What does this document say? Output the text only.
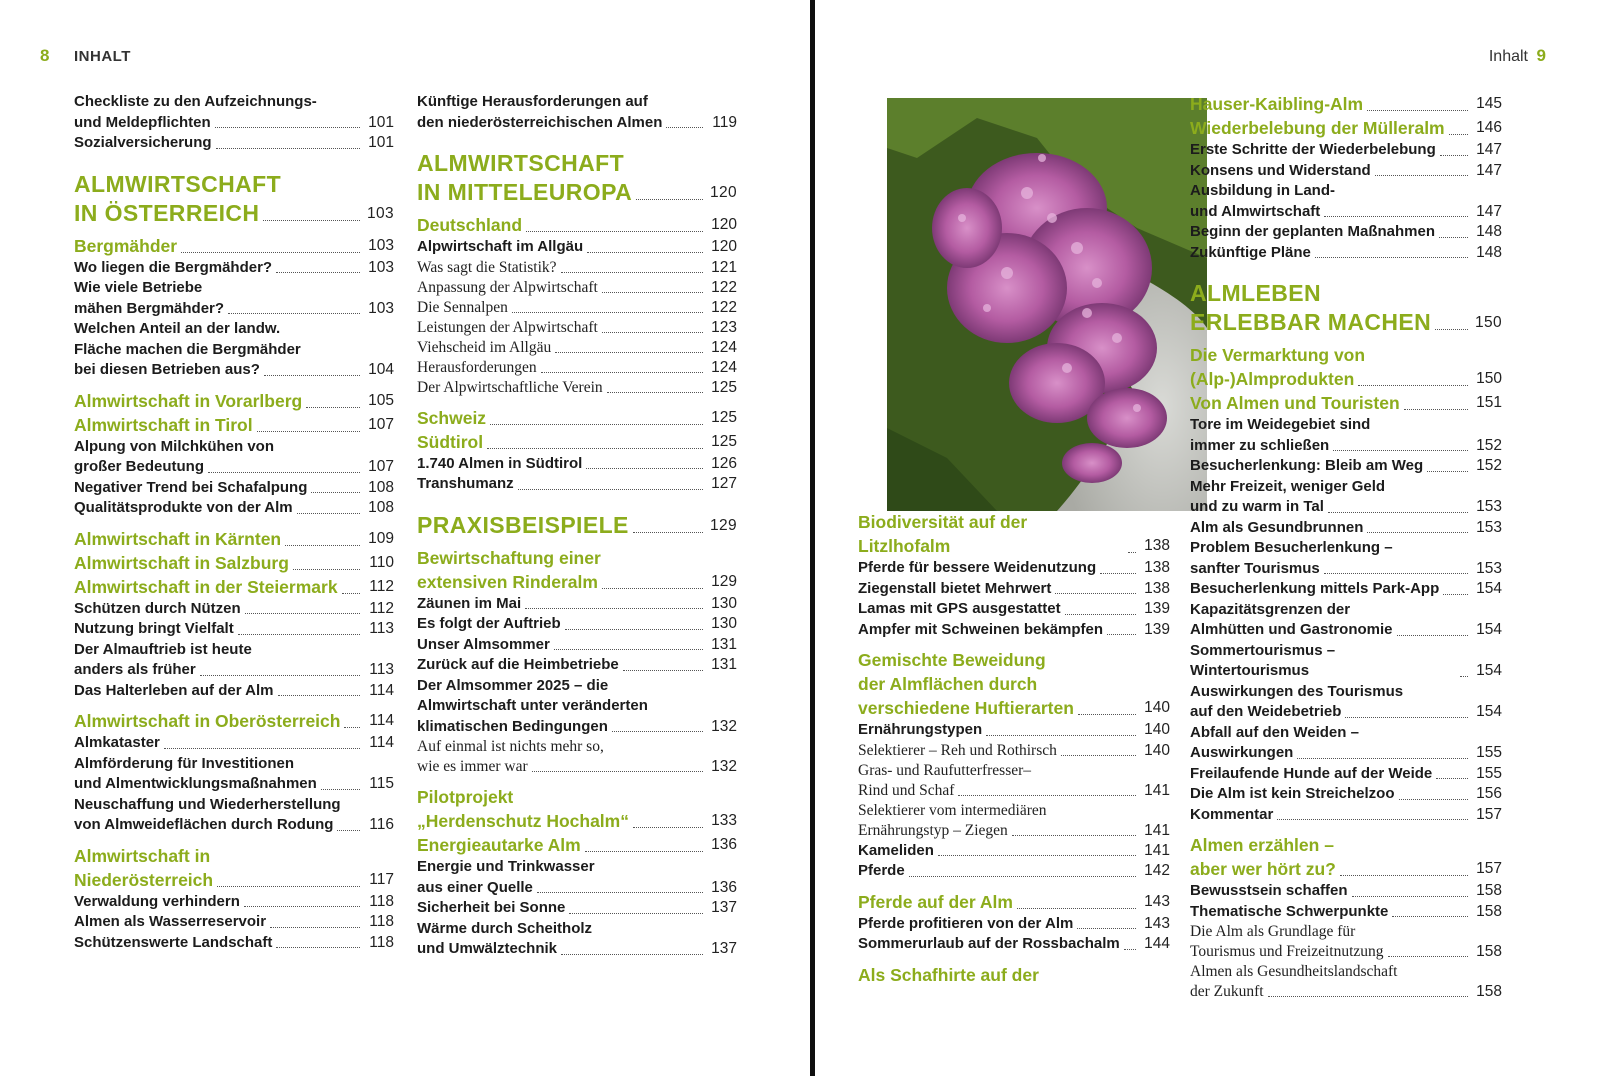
8 INHALT
Checkliste zu den Aufzeichnungs-
und Meldepflichten	101
Sozialversicherung	101
ALMWIRTSCHAFT
IN ÖSTERREICH	103
Bergmähder	103
Wo liegen die Bergmähder?	103
Wie viele Betriebe
mähen Bergmähder?	103
Welchen Anteil an der landw.
Fläche machen die Bergmähder
bei diesen Betrieben aus?	104
Almwirtschaft in Vorarlberg	105
Almwirtschaft in Tirol	107
Alpung von Milchkühen von
großer Bedeutung	107
Negativer Trend bei Schafalpung	108
Qualitätsprodukte von der Alm	108
Almwirtschaft in Kärnten	109
Almwirtschaft in Salzburg	110
Almwirtschaft in der Steiermark 112
Schützen durch Nützen	112
Nutzung bringt Vielfalt	113
Der Almauftrieb ist heute
anders als früher	113
Das Halterleben auf der Alm	114
Almwirtschaft in Oberösterreich 114
Almkataster	114
Almförderung für Investitionen
und Almentwicklungsmaßnahmen	115
Neuschaffung und Wiederherstellung
von Almweideflächen durch Rodung 116
Almwirtschaft in
Niederösterreich	117
Verwaldung verhindern	118
Almen als Wasserreservoir	118
Schützenswerte Landschaft	118
Künftige Herausforderungen auf
den niederösterreichischen Almen	119
ALMWIRTSCHAFT
IN MITTELEUROPA	120
Deutschland	120
Alpwirtschaft im Allgäu	120
Was sagt die Statistik?	121
Anpassung der Alpwirtschaft	122
Die Sennalpen	122
Leistungen der Alpwirtschaft	123
Viehscheid im Allgäu	124
Herausforderungen	124
Der Alpwirtschaftliche Verein	125
Schweiz	125
Südtirol	125
1.740 Almen in Südtirol	126
Transhumanz	127
PRAXISBEISPIELE	129
Bewirtschaftung einer
extensiven Rinderalm	129
Zäunen im Mai	130
Es folgt der Auftrieb	130
Unser Almsommer	131
Zurück auf die Heimbetriebe	131
Der Almsommer 2025 – die
Almwirtschaft unter veränderten
klimatischen Bedingungen	132
Auf einmal ist nichts mehr so,
wie es immer war	132
Pilotprojekt
„Herdenschutz Hochalm“	133
Energieautarke Alm	136
Energie und Trinkwasser
aus einer Quelle	136
Sicherheit bei Sonne	137
Wärme durch Scheitholz
und Umwälztechnik	137
Inhalt 9
Biodiversität auf der Litzlhofalm	138
Pferde für bessere Weidenutzung	138
Ziegenstall bietet Mehrwert	138
Lamas mit GPS ausgestattet	139
Ampfer mit Schweinen bekämpfen	139
Gemischte Beweidung
der Almflächen durch
verschiedene Huftierarten	140
Ernährungstypen	140
Selektierer – Reh und Rothirsch	140
Gras- und Raufutterfresser–
Rind und Schaf	141
Selektierer vom intermediären
Ernährungstyp – Ziegen	141
Kameliden	141
Pferde	142
Pferde auf der Alm	143
Pferde profitieren von der Alm	143
Sommerurlaub auf der Rossbachalm 144
Als Schafhirte auf der
Hauser-Kaibling-Alm	145
Wiederbelebung der Mülleralm 146
Erste Schritte der Wiederbelebung	147
Konsens und Widerstand	147
Ausbildung in Land-
und Almwirtschaft	147
Beginn der geplanten Maßnahmen	148
Zukünftige Pläne	148
ALMLEBEN
ERLEBBAR MACHEN	150
Die Vermarktung von
(Alp-)Almprodukten	150
Von Almen und Touristen	151
Tore im Weidegebiet sind
immer zu schließen	152
Besucherlenkung: Bleib am Weg	152
Mehr Freizeit, weniger Geld
und zu warm in Tal	153
Alm als Gesundbrunnen	153
Problem Besucherlenkung –
sanfter Tourismus	153
Besucherlenkung mittels Park-App 154
Kapazitätsgrenzen der
Almhütten und Gastronomie	154
Sommertourismus – Wintertourismus	154
Auswirkungen des Tourismus
auf den Weidebetrieb	154
Abfall auf den Weiden –
Auswirkungen	155
Freilaufende Hunde auf der Weide	155
Die Alm ist kein Streichelzoo	156
Kommentar	157
Almen erzählen –
aber wer hört zu?	157
Bewusstsein schaffen	158
Thematische Schwerpunkte	158
Die Alm als Grundlage für
Tourismus und Freizeitnutzung	158
Almen als Gesundheitslandschaft
der Zukunft	158
